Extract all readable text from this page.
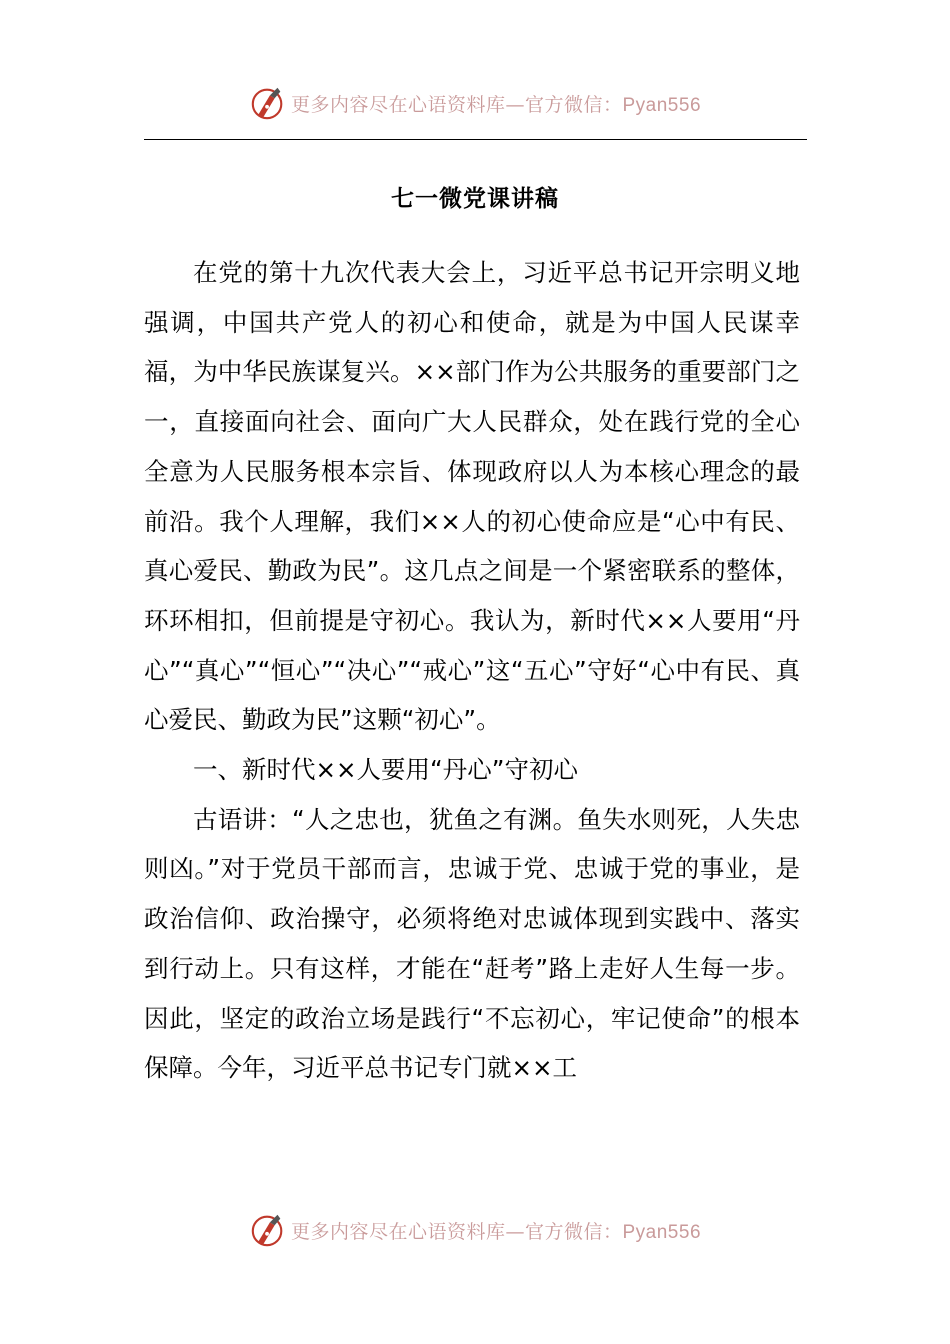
更多内容尽在心语资料库—官方微信：Pyan556
七一微党课讲稿

在党的第十九次代表大会上，习近平总书记开宗明义地强调，中国共产党人的初心和使命，就是为中国人民谋幸福，为中华民族谋复兴。××部门作为公共服务的重要部门之一，直接面向社会、面向广大人民群众，处在践行党的全心全意为人民服务根本宗旨、体现政府以人为本核心理念的最前沿。我个人理解，我们××人的初心使命应是“心中有民、真心爱民、勤政为民”。这几点之间是一个紧密联系的整体，环环相扣，但前提是守初心。我认为，新时代××人要用“丹心”“真心”“恒心”“决心”“戒心”这“五心”守好“心中有民、真心爱民、勤政为民”这颗“初心”。

一、新时代××人要用“丹心”守初心

古语讲：“人之忠也，犹鱼之有渊。鱼失水则死，人失忠则凶。”对于党员干部而言，忠诚于党、忠诚于党的事业，是政治信仰、政治操守，必须将绝对忠诚体现到实践中、落实到行动上。只有这样，才能在“赶考”路上走好人生每一步。因此，坚定的政治立场是践行“不忘初心，牢记使命”的根本保障。今年，习近平总书记专门就××工

更多内容尽在心语资料库—官方微信：Pyan556
